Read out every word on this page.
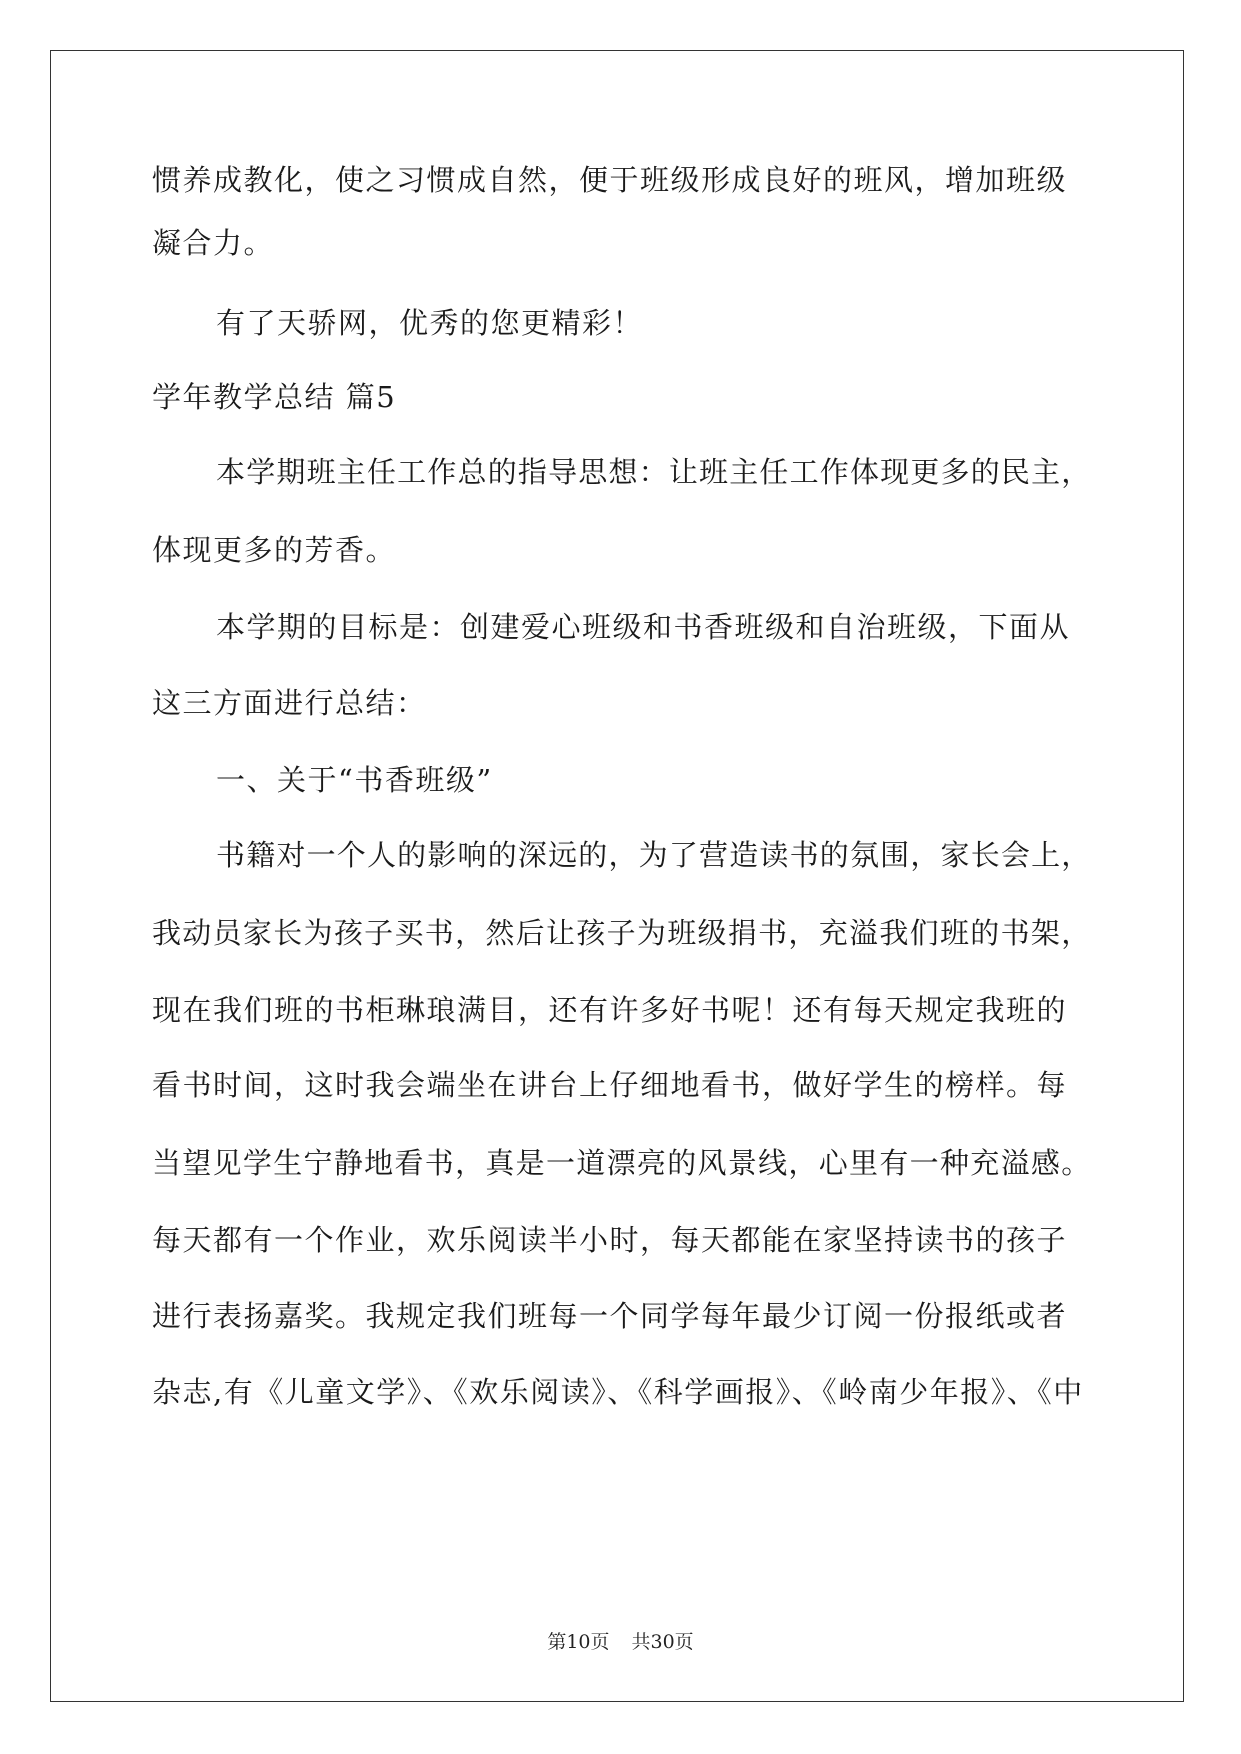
惯养成教化，使之习惯成自然，便于班级形成良好的班风，增加班级
凝合力。
有了天骄网，优秀的您更精彩！
学年教学总结 篇5
本学期班主任工作总的指导思想：让班主任工作体现更多的民主，
体现更多的芳香。
本学期的目标是：创建爱心班级和书香班级和自治班级，下面从
这三方面进行总结：
一、关于“书香班级”
书籍对一个人的影响的深远的，为了营造读书的氛围，家长会上，
我动员家长为孩子买书，然后让孩子为班级捐书，充溢我们班的书架，
现在我们班的书柜琳琅满目，还有许多好书呢！还有每天规定我班的
看书时间，这时我会端坐在讲台上仔细地看书，做好学生的榜样。每
当望见学生宁静地看书，真是一道漂亮的风景线，心里有一种充溢感。
每天都有一个作业，欢乐阅读半小时，每天都能在家坚持读书的孩子
进行表扬嘉奖。我规定我们班每一个同学每年最少订阅一份报纸或者
杂志,有《儿童文学》、《欢乐阅读》、《科学画报》、《岭南少年报》、《中
第10页 共30页
